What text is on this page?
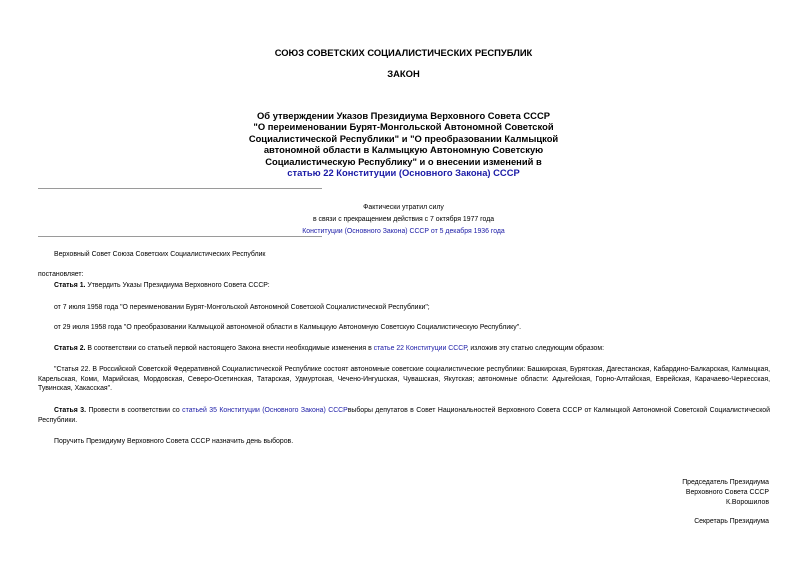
СОЮЗ СОВЕТСКИХ СОЦИАЛИСТИЧЕСКИХ РЕСПУБЛИК
ЗАКОН
Об утверждении Указов Президиума Верховного Совета СССР
"О переименовании Бурят-Монгольской Автономной Советской
Социалистической Республики" и "О преобразовании Калмыцкой
автономной области в Калмыцкую Автономную Советскую
Социалистическую Республику" и о внесении изменений в
статью 22 Конституции (Основного Закона) СССР
Фактически утратил силу
в связи с прекращением действия с 7 октября 1977 года
Конституции (Основного Закона) СССР от 5 декабря 1936 года
Верховный Совет Союза Советских Социалистических Республик
постановляет:
Статья 1. Утвердить Указы Президиума Верховного Совета СССР:
от 7 июля 1958 года "О переименовании Бурят-Монгольской Автономной Советской Социалистической Республики";
от 29 июля 1958 года "О преобразовании Калмыцкой автономной области в Калмыцкую Автономную Советскую Социалистическую Республику".
Статья 2. В соответствии со статьей первой настоящего Закона внести необходимые изменения в статье 22 Конституции СССР, изложив эту статью следующим образом:
"Статья 22. В Российской Советской Федеративной Социалистической Республике состоят автономные советские социалистические республики: Башкирская, Бурятская, Дагестанская, Кабардино-Балкарская, Калмыцкая, Карельская, Коми, Марийская, Мордовская, Северо-Осетинская, Татарская, Удмуртская, Чечено-Ингушская, Чувашская, Якутская; автономные области: Адыгейская, Горно-Алтайская, Еврейская, Карачаево-Черкесская, Тувинская, Хакасская".
Статья 3. Провести в соответствии со статьей 35 Конституции (Основного Закона) СССРвыборы депутатов в Совет Национальностей Верховного Совета СССР от Калмыцкой Автономной Советской Социалистической Республики.
Поручить Президиуму Верховного Совета СССР назначить день выборов.
Председатель Президиума
Верховного Совета СССР
К.Ворошилов
Секретарь Президиума
